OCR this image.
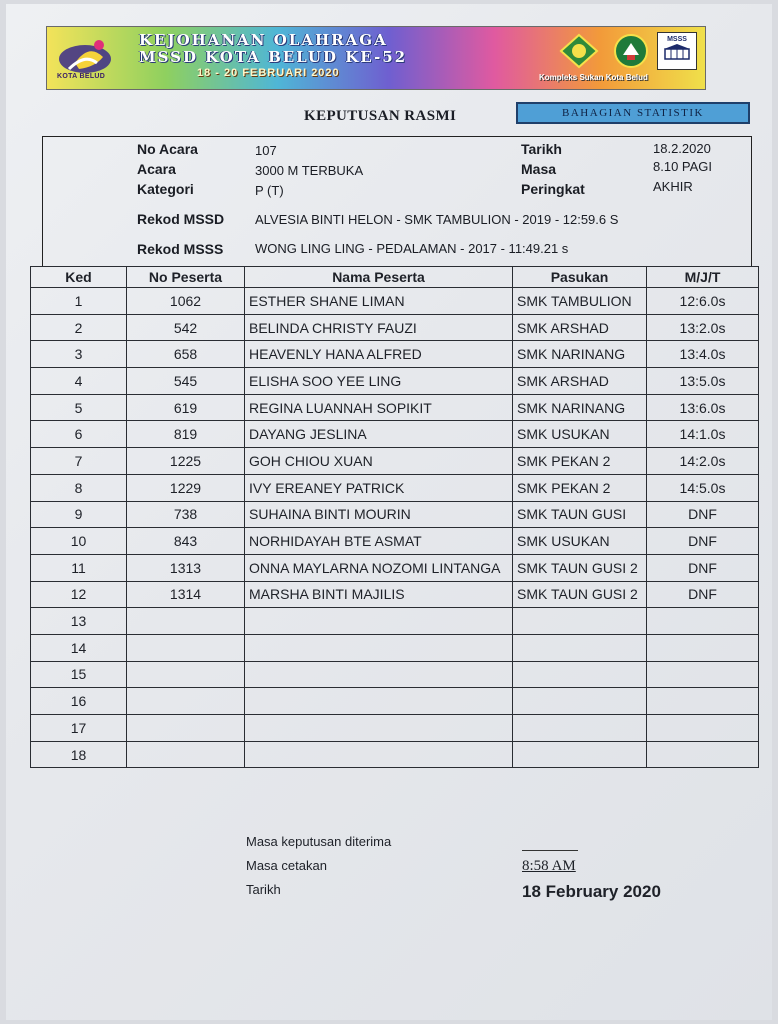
KOTA BELUD
KEJOHANAN OLAHRAGA
MSSD KOTA BELUD KE-52
18 - 20 FEBRUARI 2020
MSSS
Kompleks Sukan Kota Belud
KEPUTUSAN RASMI	BAHAGIAN STATISTIK
No Acara	107
Acara	3000 M TERBUKA
Kategori	P (T)
Tarikh	18.2.2020
Masa	8.10 PAGI
Peringkat	AKHIR
Rekod MSSD ALVESIA BINTI HELON - SMK TAMBULION - 2019 - 12:59.6 S
Rekod MSSS WONG LING LING - PEDALAMAN - 2017 - 11:49.21 s
Ked	No Peserta	Nama Peserta	Pasukan	M/J/T
1	1062	ESTHER SHANE LIMAN	SMK TAMBULION	12:6.0s
2	542	BELINDA CHRISTY FAUZI	SMK ARSHAD	13:2.0s
3	658	HEAVENLY HANA ALFRED	SMK NARINANG	13:4.0s
4	545	ELISHA SOO YEE LING	SMK ARSHAD	13:5.0s
5	619	REGINA LUANNAH SOPIKIT	SMK NARINANG	13:6.0s
6	819	DAYANG JESLINA	SMK USUKAN	14:1.0s
7	1225	GOH CHIOU XUAN	SMK PEKAN 2	14:2.0s
8	1229	IVY EREANEY PATRICK	SMK PEKAN 2	14:5.0s
9	738	SUHAINA BINTI MOURIN	SMK TAUN GUSI	DNF
10	843	NORHIDAYAH BTE ASMAT	SMK USUKAN	DNF
11	1313	ONNA MAYLARNA NOZOMI LINTANGA	SMK TAUN GUSI 2	DNF
12	1314	MARSHA BINTI MAJILIS	SMK TAUN GUSI 2	DNF
13				
14				
15				
16				
17				
18				
Masa keputusan diterima
Masa cetakan
Tarikh
8:58 AM
18 February 2020
